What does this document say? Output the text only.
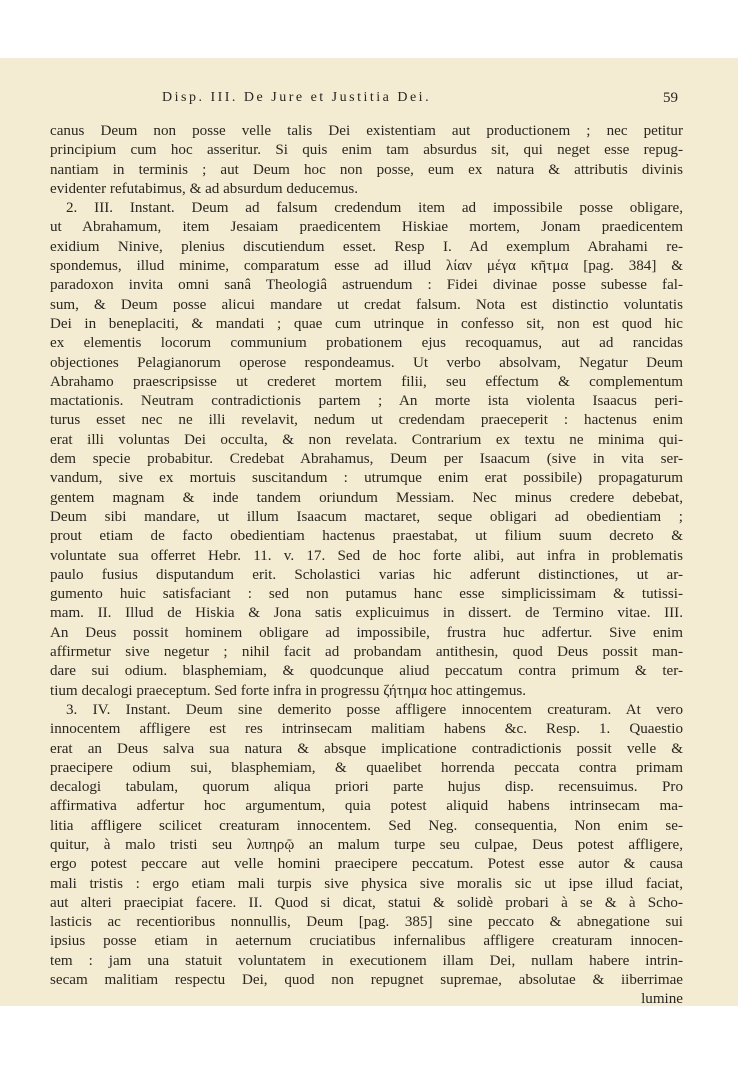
Disp. III. De Jure et Justitia Dei.	59
canus Deum non posse velle talis Dei existentiam aut productionem ; nec petitur
principium cum hoc asseritur. Si quis enim tam absurdus sit, qui neget esse repug-
nantiam in terminis ; aut Deum hoc non posse, eum ex natura & attributis divinis
evidenter refutabimus, & ad absurdum deducemus.
2. III. Instant. Deum ad falsum credendum item ad impossibile posse obligare,
ut Abrahamum, item Jesaiam praedicentem Hiskiae mortem, Jonam praedicentem
exidium Ninive, plenius discutiendum esset. Resp I. Ad exemplum Abrahami re-
spondemus, illud minime, comparatum esse ad illud λίαν μέγα κῆτμα [pag. 384] &
paradoxon invita omni sanâ Theologiâ astruendum : Fidei divinae posse subesse fal-
sum, & Deum posse alicui mandare ut credat falsum. Nota est distinctio voluntatis
Dei in beneplaciti, & mandati ; quae cum utrinque in confesso sit, non est quod hic
ex elementis locorum communium probationem ejus recoquamus, aut ad rancidas
objectiones Pelagianorum operose respondeamus. Ut verbo absolvam, Negatur Deum
Abrahamo praescripsisse ut crederet mortem filii, seu effectum & complementum
mactationis. Neutram contradictionis partem ; An morte ista violenta Isaacus peri-
turus esset nec ne illi revelavit, nedum ut credendam praeceperit : hactenus enim
erat illi voluntas Dei occulta, & non revelata. Contrarium ex textu ne minima qui-
dem specie probabitur. Credebat Abrahamus, Deum per Isaacum (sive in vita ser-
vandum, sive ex mortuis suscitandum : utrumque enim erat possibile) propagaturum
gentem magnam & inde tandem oriundum Messiam. Nec minus credere debebat,
Deum sibi mandare, ut illum Isaacum mactaret, seque obligari ad obedientiam ;
prout etiam de facto obedientiam hactenus praestabat, ut filium suum decreto &
voluntate sua offerret Hebr. 11. v. 17. Sed de hoc forte alibi, aut infra in problematis
paulo fusius disputandum erit. Scholastici varias hic adferunt distinctiones, ut ar-
gumento huic satisfaciant : sed non putamus hanc esse simplicissimam & tutissi-
mam. II. Illud de Hiskia & Jona satis explicuimus in dissert. de Termino vitae. III.
An Deus possit hominem obligare ad impossibile, frustra huc adfertur. Sive enim
affirmetur sive negetur ; nihil facit ad probandam antithesin, quod Deus possit man-
dare sui odium. blasphemiam, & quodcunque aliud peccatum contra primum & ter-
tium decalogi praeceptum. Sed forte infra in progressu ζήτημα hoc attingemus.
3. IV. Instant. Deum sine demerito posse affligere innocentem creaturam. At vero
innocentem affligere est res intrinsecam malitiam habens &c. Resp. 1. Quaestio
erat an Deus salva sua natura & absque implicatione contradictionis possit velle &
praecipere odium sui, blasphemiam, & quaelibet horrenda peccata contra primam
decalogi tabulam, quorum aliqua priori parte hujus disp. recensuimus. Pro
affirmativa adfertur hoc argumentum, quia potest aliquid habens intrinsecam ma-
litia affligere scilicet creaturam innocentem. Sed Neg. consequentia, Non enim se-
quitur, à malo tristi seu λυπηρῷ an malum turpe seu culpae, Deus potest affligere,
ergo potest peccare aut velle homini praecipere peccatum. Potest esse autor & causa
mali tristis : ergo etiam mali turpis sive physica sive moralis sic ut ipse illud faciat,
aut alteri praecipiat facere. II. Quod si dicat, statui & solidè probari à se & à Scho-
lasticis ac recentioribus nonnullis, Deum [pag. 385] sine peccato & abnegatione sui
ipsius posse etiam in aeternum cruciatibus infernalibus affligere creaturam innocen-
tem : jam una statuit voluntatem in executionem illam Dei, nullam habere intrin-
secam malitiam respectu Dei, quod non repugnet supremae, absolutae & iiberrimae
lumine
